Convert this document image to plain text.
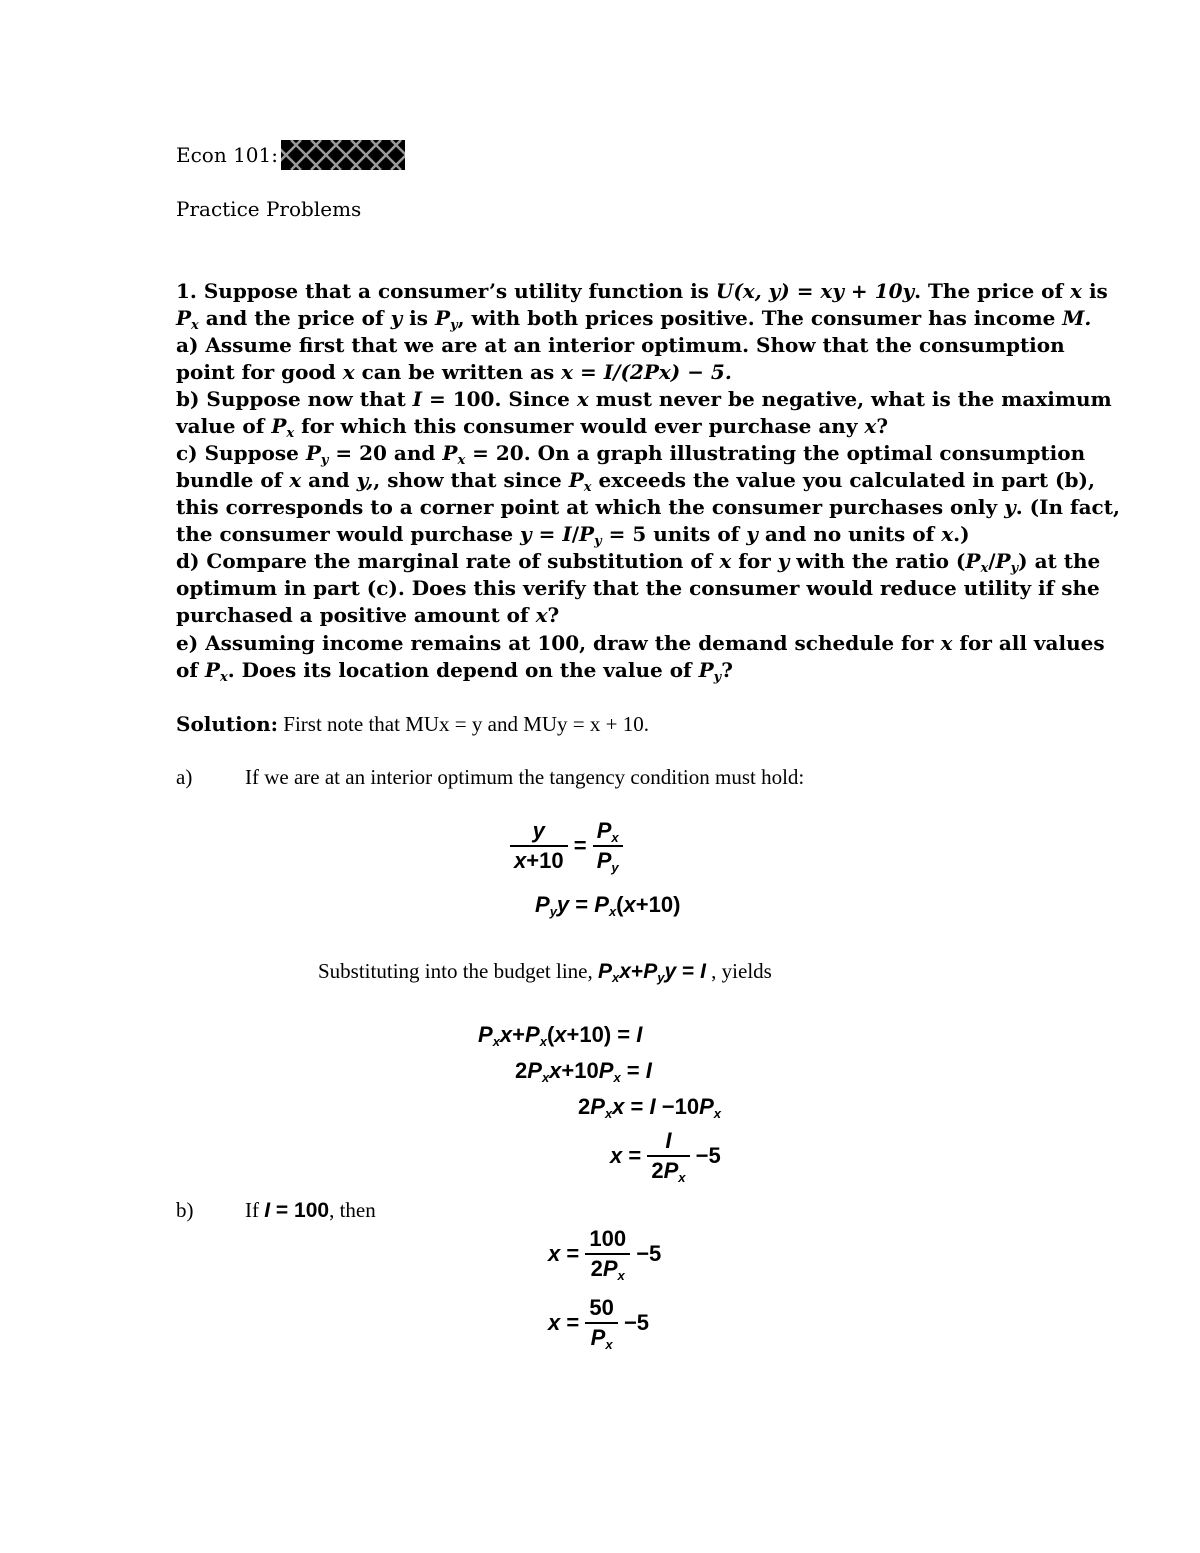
Econ 101:
Practice Problems
1. Suppose that a consumer’s utility function is U(x, y) = xy + 10y. The price of x is
$P_x$ and the price of y is $P_y$, with both prices positive. The consumer has income M.
a) Assume first that we are at an interior optimum. Show that the consumption
point for good x can be written as x = I/(2Px) − 5.
b) Suppose now that I = 100. Since x must never be negative, what is the maximum
value of $P_x$ for which this consumer would ever purchase any x?
c) Suppose $P_y = 20$ and $P_x = 20$. On a graph illustrating the optimal consumption
bundle of x and y,, show that since $P_x$ exceeds the value you calculated in part (b),
this corresponds to a corner point at which the consumer purchases only y. (In fact,
the consumer would purchase $y = I/P_y = 5$ units of y and no units of x.)
d) Compare the marginal rate of substitution of x for y with the ratio $(P_x/P_y)$ at the
optimum in part (c). Does this verify that the consumer would reduce utility if she
purchased a positive amount of x?
e) Assuming income remains at 100, draw the demand schedule for x for all values
of $P_x$. Does its location depend on the value of $P_y$?
Solution: First note that MUx = y and MUy = x + 10.
a)	If we are at an interior optimum the tangency condition must hold:
$\frac{y}{x+10} = \frac{P_x}{P_y}$
$P_yy = P_x(x+10)$
Substituting into the budget line, $P_xx+P_yy = I$ , yields
$P_xx+P_x(x+10) = I$
$2P_xx+10P_x = I$
$2P_xx = I -10P_x$
$x = \frac{I}{2P_x} -5$
b) If I = 100, then
$x = \frac{100}{2P_x} -5$
$x = \frac{50}{P_x} -5$
